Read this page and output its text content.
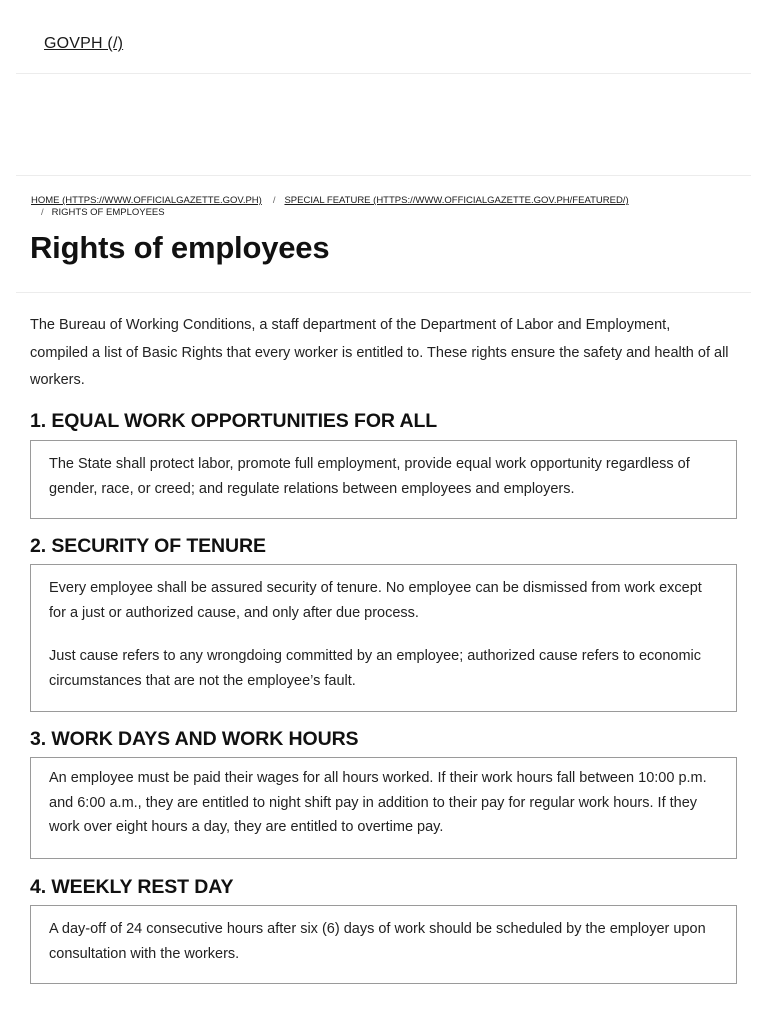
GOVPH (/)
HOME (HTTPS://WWW.OFFICIALGAZETTE.GOV.PH) / SPECIAL FEATURE (HTTPS://WWW.OFFICIALGAZETTE.GOV.PH/FEATURED/)
/ RIGHTS OF EMPLOYEES
Rights of employees

The Bureau of Working Conditions, a staff department of the Department of Labor and Employment, compiled a list of Basic Rights that every worker is entitled to. These rights ensure the safety and health of all workers.

1. EQUAL WORK OPPORTUNITIES FOR ALL

The State shall protect labor, promote full employment, provide equal work opportunity regardless of gender, race, or creed; and regulate relations between employees and employers.

2. SECURITY OF TENURE

Every employee shall be assured security of tenure. No employee can be dismissed from work except for a just or authorized cause, and only after due process.

Just cause refers to any wrongdoing committed by an employee; authorized cause refers to economic circumstances that are not the employee’s fault.

3. WORK DAYS AND WORK HOURS

An employee must be paid their wages for all hours worked. If their work hours fall between 10:00 p.m. and 6:00 a.m., they are entitled to night shift pay in addition to their pay for regular work hours. If they work over eight hours a day, they are entitled to overtime pay.

4. WEEKLY REST DAY

A day-off of 24 consecutive hours after six (6) days of work should be scheduled by the employer upon consultation with the workers.
